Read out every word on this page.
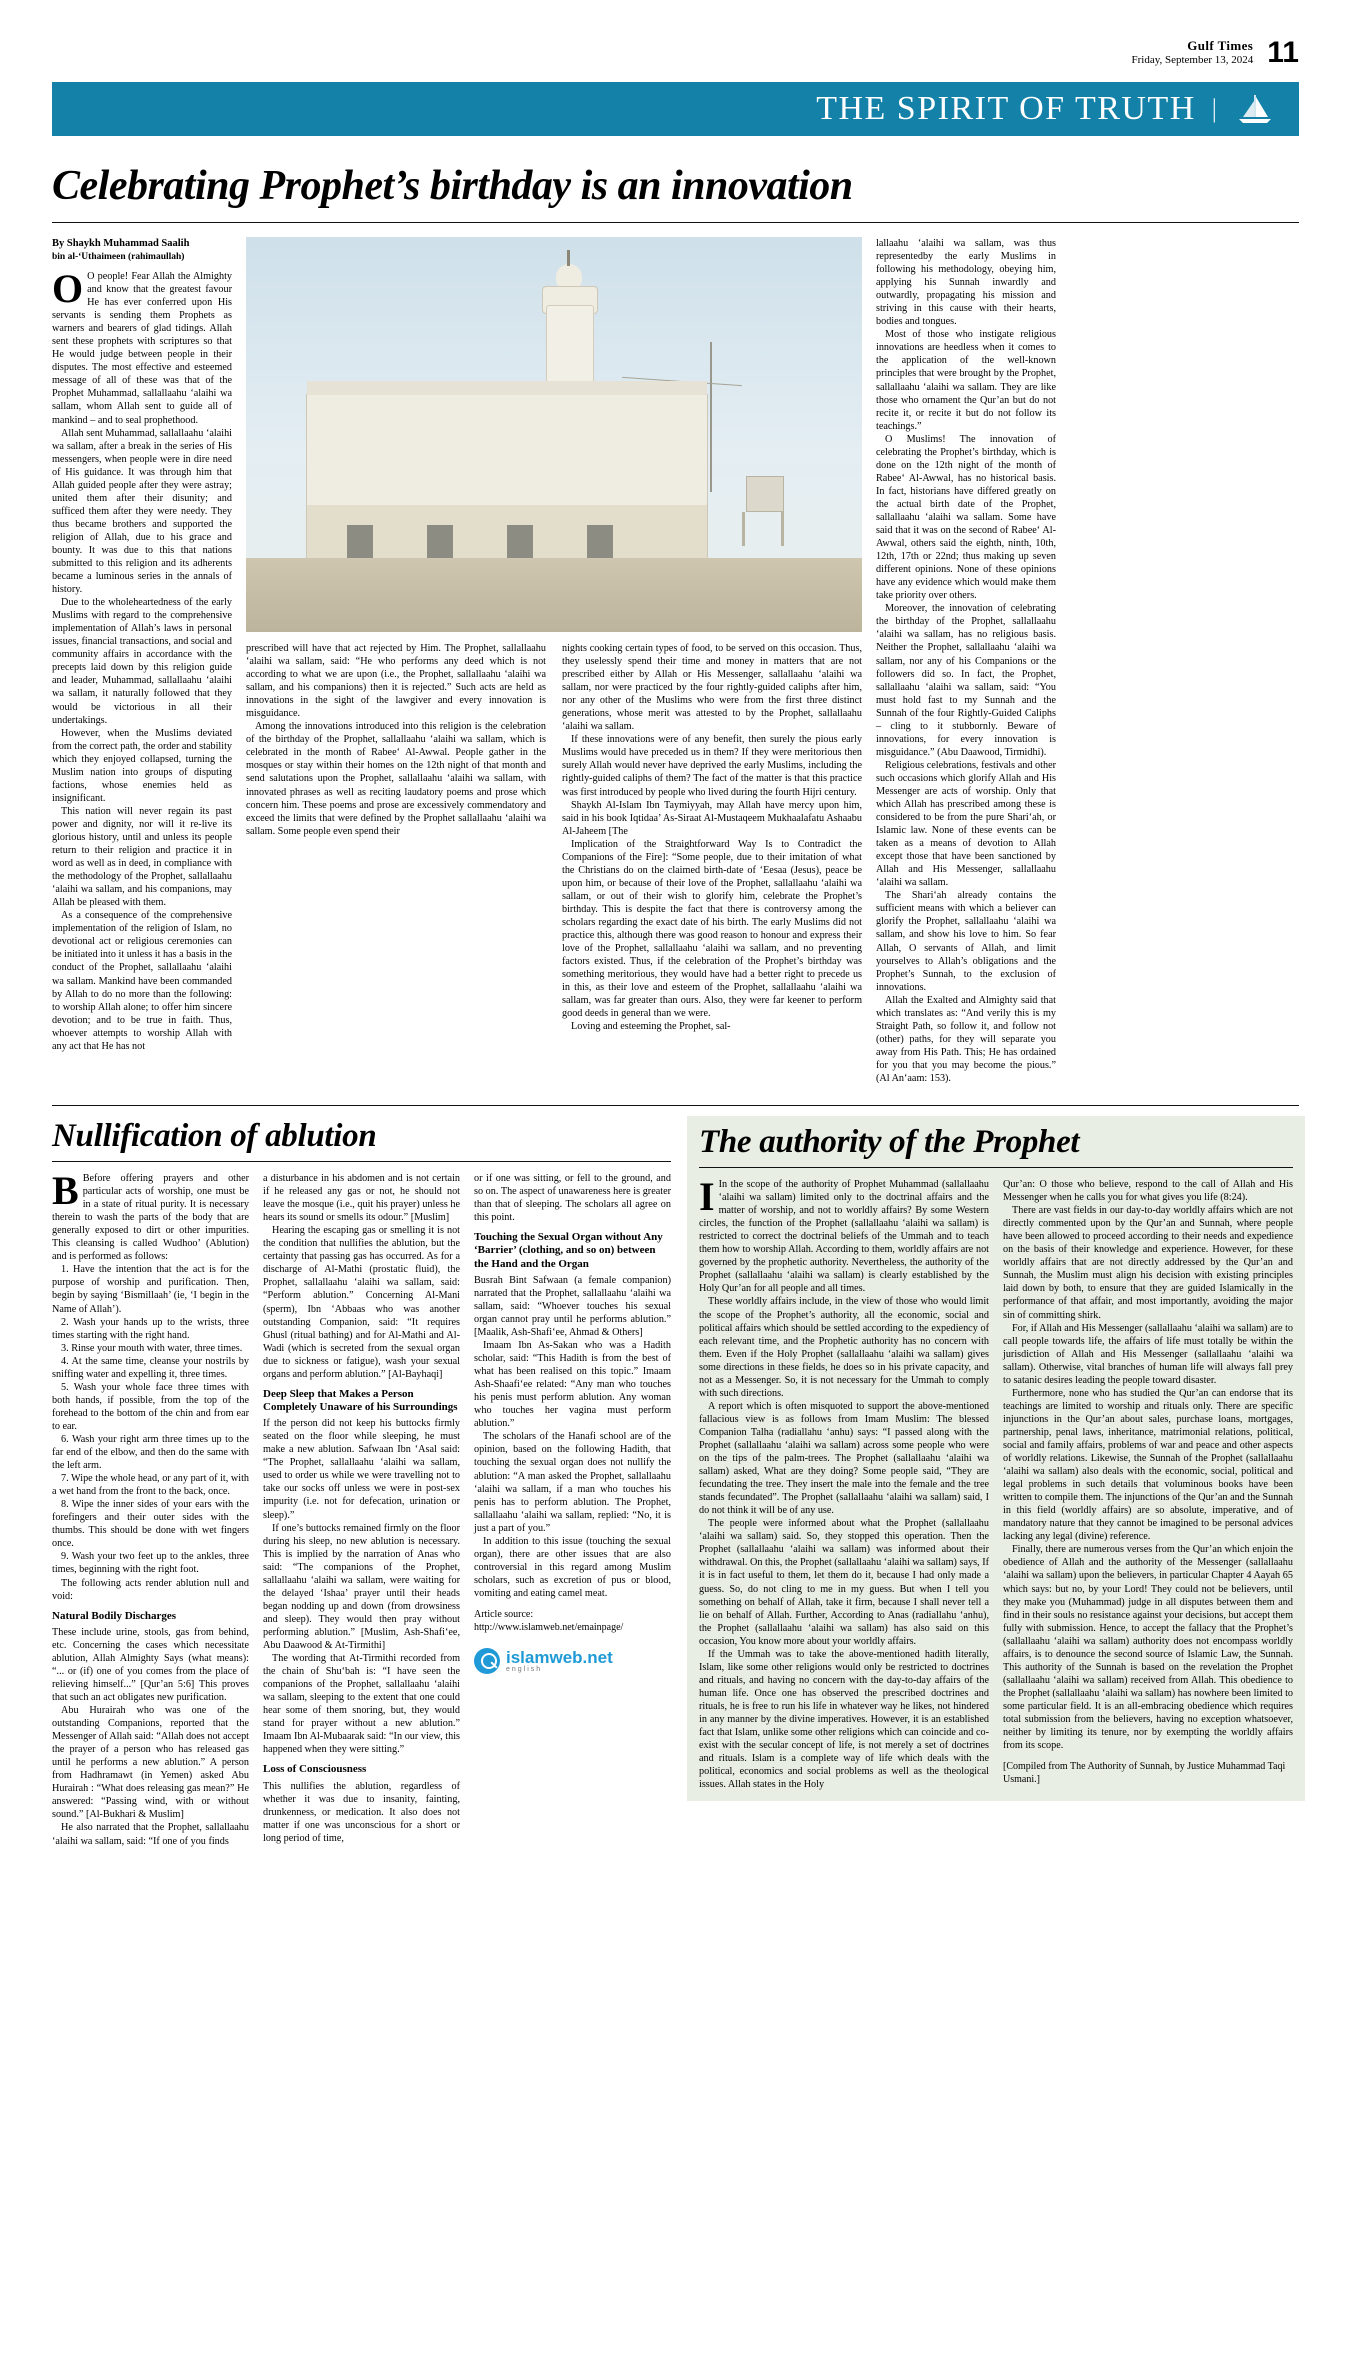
Gulf Times
Friday, September 13, 2024 11
THE SPIRIT OF TRUTH |
Celebrating Prophet’s birthday is an innovation
By Shaykh Muhammad Saalih
bin al-‘Uthaimeen (rahimaullah)

O O people! Fear Allah the Almighty and know that the greatest favour He has ever conferred upon His servants is sending them Prophets as warners and bearers of glad tidings. Allah sent these prophets with scriptures so that He would judge between people in their disputes. The most effective and esteemed message of all of these was that of the Prophet Muhammad, sallallaahu ‘alaihi wa sallam, whom Allah sent to guide all of mankind – and to seal prophethood.

Allah sent Muhammad, sallallaahu ‘alaihi wa sallam, after a break in the series of His messengers, when people were in dire need of His guidance. It was through him that Allah guided people after they were astray; united them after their disunity; and sufficed them after they were needy. They thus became brothers and supported the religion of Allah, due to his grace and bounty. It was due to this that nations submitted to this religion and its adherents became a luminous series in the annals of history.

Due to the wholeheartedness of the early Muslims with regard to the comprehensive implementation of Allah’s laws in personal issues, financial transactions, and social and community affairs in accordance with the precepts laid down by this religion guide and leader, Muhammad, sallallaahu ‘alaihi wa sallam, it naturally followed that they would be victorious in all their undertakings.

However, when the Muslims deviated from the correct path, the order and stability which they enjoyed collapsed, turning the Muslim nation into groups of disputing factions, whose enemies held as insignificant.

This nation will never regain its past power and dignity, nor will it re-live its glorious history, until and unless its people return to their religion and practice it in word as well as in deed, in compliance with the methodology of the Prophet, sallallaahu ‘alaihi wa sallam, and his companions, may Allah be pleased with them.

As a consequence of the comprehensive implementation of the religion of Islam, no devotional act or religious ceremonies can be initiated into it unless it has a basis in the conduct of the Prophet, sallallaahu ‘alaihi wa sallam. Mankind have been commanded by Allah to do no more than the following: to worship Allah alone; to offer him sincere devotion; and to be true in faith. Thus, whoever attempts to worship Allah with any act that He has not

prescribed will have that act rejected by Him. The Prophet, sallallaahu ‘alaihi wa sallam, said: “He who performs any deed which is not according to what we are upon (i.e., the Prophet, sallallaahu ‘alaihi wa sallam, and his companions) then it is rejected.” Such acts are held as innovations in the sight of the lawgiver and every innovation is misguidance.

Among the innovations introduced into this religion is the celebration of the birthday of the Prophet, sallallaahu ‘alaihi wa sallam, which is celebrated in the month of Rabee‘ Al-Awwal. People gather in the mosques or stay within their homes on the 12th night of that month and send salutations upon the Prophet, sallallaahu ‘alaihi wa sallam, with innovated phrases as well as reciting laudatory poems and prose which concern him. These poems and prose are excessively commendatory and exceed the limits that were defined by the Prophet sallallaahu ‘alaihi wa sallam. Some people even spend their

nights cooking certain types of food, to be served on this occasion. Thus, they uselessly spend their time and money in matters that are not prescribed either by Allah or His Messenger, sallallaahu ‘alaihi wa sallam, nor were practiced by the four rightly-guided caliphs after him, nor any other of the Muslims who were from the first three distinct generations, whose merit was attested to by the Prophet, sallallaahu ‘alaihi wa sallam.

If these innovations were of any benefit, then surely the pious early Muslims would have preceded us in them? If they were meritorious then surely Allah would never have deprived the early Muslims, including the rightly-guided caliphs of them? The fact of the matter is that this practice was first introduced by people who lived during the fourth Hijri century.

Shaykh Al-Islam Ibn Taymiyyah, may Allah have mercy upon him, said in his book Iqtidaa’ As-Siraat Al-Mustaqeem Mukhaalafatu Ashaabu Al-Jaheem [The

Implication of the Straightforward Way Is to Contradict the Companions of the Fire]: “Some people, due to their imitation of what the Christians do on the claimed birth-date of ‘Eesaa (Jesus), peace be upon him, or because of their love of the Prophet, sallallaahu ‘alaihi wa sallam, or out of their wish to glorify him, celebrate the Prophet’s birthday. This is despite the fact that there is controversy among the scholars regarding the exact date of his birth. The early Muslims did not practice this, although there was good reason to honour and express their love of the Prophet, sallallaahu ‘alaihi wa sallam, and no preventing factors existed. Thus, if the celebration of the Prophet’s birthday was something meritorious, they would have had a better right to precede us in this, as their love and esteem of the Prophet, sallallaahu ‘alaihi wa sallam, was far greater than ours. Also, they were far keener to perform good deeds in general than we were.

Loving and esteeming the Prophet, sal-

lallaahu ‘alaihi wa sallam, was thus representedby the early Muslims in following his methodology, obeying him, applying his Sunnah inwardly and outwardly, propagating his mission and striving in this cause with their hearts, bodies and tongues.

Most of those who instigate religious innovations are heedless when it comes to the application of the well-known principles that were brought by the Prophet, sallallaahu ‘alaihi wa sallam. They are like those who ornament the Qur’an but do not recite it, or recite it but do not follow its teachings.”

O Muslims! The innovation of celebrating the Prophet’s birthday, which is done on the 12th night of the month of Rabee‘ Al-Awwal, has no historical basis. In fact, historians have differed greatly on the actual birth date of the Prophet, sallallaahu ‘alaihi wa sallam. Some have said that it was on the second of Rabee‘ Al-Awwal, others said the eighth, ninth, 10th, 12th, 17th or 22nd; thus making up seven different opinions. None of these opinions have any evidence which would make them take priority over others.

Moreover, the innovation of celebrating the birthday of the Prophet, sallallaahu ‘alaihi wa sallam, has no religious basis. Neither the Prophet, sallallaahu ‘alaihi wa sallam, nor any of his Companions or the followers did so. In fact, the Prophet, sallallaahu ‘alaihi wa sallam, said: “You must hold fast to my Sunnah and the Sunnah of the four Rightly-Guided Caliphs – cling to it stubbornly. Beware of innovations, for every innovation is misguidance.” (Abu Daawood, Tirmidhi).

Religious celebrations, festivals and other such occasions which glorify Allah and His Messenger are acts of worship. Only that which Allah has prescribed among these is considered to be from the pure Shari‘ah, or Islamic law. None of these events can be taken as a means of devotion to Allah except those that have been sanctioned by Allah and His Messenger, sallallaahu ‘alaihi wa sallam.

The Shari‘ah already contains the sufficient means with which a believer can glorify the Prophet, sallallaahu ‘alaihi wa sallam, and show his love to him. So fear Allah, O servants of Allah, and limit yourselves to Allah’s obligations and the Prophet’s Sunnah, to the exclusion of innovations.

Allah the Exalted and Almighty said that which translates as: “And verily this is my Straight Path, so follow it, and follow not (other) paths, for they will separate you away from His Path. This; He has ordained for you that you may become the pious.” (Al An‘aam: 153).

Nullification of ablution

B Before offering prayers and other particular acts of worship, one must be in a state of ritual purity. It is necessary therein to wash the parts of the body that are generally exposed to dirt or other impurities. This cleansing is called Wudhoo’ (Ablution) and is performed as follows:

1. Have the intention that the act is for the purpose of worship and purification. Then, begin by saying ‘Bismillaah’ (ie, ‘I begin in the Name of Allah’).

2. Wash your hands up to the wrists, three times starting with the right hand.

3. Rinse your mouth with water, three times.

4. At the same time, cleanse your nostrils by sniffing water and expelling it, three times.

5. Wash your whole face three times with both hands, if possible, from the top of the forehead to the bottom of the chin and from ear to ear.

6. Wash your right arm three times up to the far end of the elbow, and then do the same with the left arm.

7. Wipe the whole head, or any part of it, with a wet hand from the front to the back, once.

8. Wipe the inner sides of your ears with the forefingers and their outer sides with the thumbs. This should be done with wet fingers once.

9. Wash your two feet up to the ankles, three times, beginning with the right foot.

The following acts render ablution null and void:

Natural Bodily Discharges

These include urine, stools, gas from behind, etc. Concerning the cases which necessitate ablution, Allah Almighty Says (what means): “... or (if) one of you comes from the place of relieving himself...” [Qur’an 5:6] This proves that such an act obligates new purification.

Abu Hurairah who was one of the outstanding Companions, reported that the Messenger of Allah said: “Allah does not accept the prayer of a person who has released gas until he performs a new ablution.” A person from Hadhramawt (in Yemen) asked Abu Hurairah : “What does releasing gas mean?” He answered: “Passing wind, with or without sound.” [Al-Bukhari & Muslim]

He also narrated that the Prophet, sallallaahu ‘alaihi wa sallam, said: “If one of you finds

a disturbance in his abdomen and is not certain if he released any gas or not, he should not leave the mosque (i.e., quit his prayer) unless he hears its sound or smells its odour.” [Muslim]

Hearing the escaping gas or smelling it is not the condition that nullifies the ablution, but the certainty that passing gas has occurred. As for a discharge of Al-Mathi (prostatic fluid), the Prophet, sallallaahu ‘alaihi wa sallam, said: “Perform ablution.” Concerning Al-Mani (sperm), Ibn ‘Abbaas who was another outstanding Companion, said: “It requires Ghusl (ritual bathing) and for Al-Mathi and Al-Wadi (which is secreted from the sexual organ due to sickness or fatigue), wash your sexual organs and perform ablution.” [Al-Bayhaqi]

Deep Sleep that Makes a Person Completely Unaware of his Surroundings

If the person did not keep his buttocks firmly seated on the floor while sleeping, he must make a new ablution. Safwaan Ibn ‘Asal said: “The Prophet, sallallaahu ‘alaihi wa sallam, used to order us while we were travelling not to take our socks off unless we were in post-sex impurity (i.e. not for defecation, urination or sleep).”

If one’s buttocks remained firmly on the floor during his sleep, no new ablution is necessary. This is implied by the narration of Anas who said: “The companions of the Prophet, sallallaahu ‘alaihi wa sallam, were waiting for the delayed ‘Ishaa’ prayer until their heads began nodding up and down (from drowsiness and sleep). They would then pray without performing ablution.” [Muslim, Ash-Shafi‘ee, Abu Daawood & At-Tirmithi]

The wording that At-Tirmithi recorded from the chain of Shu‘bah is: “I have seen the companions of the Prophet, sallallaahu ‘alaihi wa sallam, sleeping to the extent that one could hear some of them snoring, but, they would stand for prayer without a new ablution.” Imaam Ibn Al-Mubaarak said: “In our view, this happened when they were sitting.”

Loss of Consciousness

This nullifies the ablution, regardless of whether it was due to insanity, fainting, drunkenness, or medication. It also does not matter if one was unconscious for a short or long period of time,

or if one was sitting, or fell to the ground, and so on. The aspect of unawareness here is greater than that of sleeping. The scholars all agree on this point.

Touching the Sexual Organ without Any ‘Barrier’ (clothing, and so on) between the Hand and the Organ

Busrah Bint Safwaan (a female companion) narrated that the Prophet, sallallaahu ‘alaihi wa sallam, said: “Whoever touches his sexual organ cannot pray until he performs ablution.” [Maalik, Ash-Shafi‘ee, Ahmad & Others]

Imaam Ibn As-Sakan who was a Hadith scholar, said: “This Hadith is from the best of what has been realised on this topic.” Imaam Ash-Shaafi‘ee related: “Any man who touches his penis must perform ablution. Any woman who touches her vagina must perform ablution.”

The scholars of the Hanafi school are of the opinion, based on the following Hadith, that touching the sexual organ does not nullify the ablution: “A man asked the Prophet, sallallaahu ‘alaihi wa sallam, if a man who touches his penis has to perform ablution. The Prophet, sallallaahu ‘alaihi wa sallam, replied: “No, it is just a part of you.”

In addition to this issue (touching the sexual organ), there are other issues that are also controversial in this regard among Muslim scholars, such as excretion of pus or blood, vomiting and eating camel meat.

Article source: http://www.islamweb.net/emainpage/
islamweb.net
english
The authority of the Prophet

I In the scope of the authority of Prophet Muhammad (sallallaahu ‘alaihi wa sallam) limited only to the doctrinal affairs and the matter of worship, and not to worldly affairs? By some Western circles, the function of the Prophet (sallallaahu ‘alaihi wa sallam) is restricted to correct the doctrinal beliefs of the Ummah and to teach them how to worship Allah. According to them, worldly affairs are not governed by the prophetic authority. Nevertheless, the authority of the Prophet (sallallaahu ‘alaihi wa sallam) is clearly established by the Holy Qur’an for all people and all times.

These worldly affairs include, in the view of those who would limit the scope of the Prophet’s authority, all the economic, social and political affairs which should be settled according to the expediency of each relevant time, and the Prophetic authority has no concern with them. Even if the Holy Prophet (sallallaahu ‘alaihi wa sallam) gives some directions in these fields, he does so in his private capacity, and not as a Messenger. So, it is not necessary for the Ummah to comply with such directions.

A report which is often misquoted to support the above-mentioned fallacious view is as follows from Imam Muslim: The blessed Companion Talha (radiallahu ‘anhu) says: “I passed along with the Prophet (sallallaahu ‘alaihi wa sallam) across some people who were on the tips of the palm-trees. The Prophet (sallallaahu ‘alaihi wa sallam) asked, What are they doing? Some people said, “They are fecundating the tree. They insert the male into the female and the tree stands fecundated”. The Prophet (sallallaahu ‘alaihi wa sallam) said, I do not think it will be of any use.

The people were informed about what the Prophet (sallallaahu ‘alaihi wa sallam) said. So, they stopped this operation. Then the Prophet (sallallaahu ‘alaihi wa sallam) was informed about their withdrawal. On this, the Prophet (sallallaahu ‘alaihi wa sallam) says, If it is in fact useful to them, let them do it, because I had only made a guess. So, do not cling to me in my guess. But when I tell you something on behalf of Allah, take it firm, because I shall never tell a lie on behalf of Allah. Further, According to Anas (radiallahu ‘anhu), the Prophet (sallallaahu ‘alaihi wa sallam) has also said on this occasion, You know more about your worldly affairs.

If the Ummah was to take the above-mentioned hadith literally, Islam, like some other religions would only be restricted to doctrines and rituals, and having no concern with the day-to-day affairs of the human life. Once one has observed the prescribed doctrines and rituals, he is free to run his life in whatever way he likes, not hindered in any manner by the divine imperatives. However, it is an established fact that Islam, unlike some other religions which can coincide and co-exist with the secular concept of life, is not merely a set of doctrines and rituals. Islam is a complete way of life which deals with the political, economics and social problems as well as the theological issues. Allah states in the Holy

Qur’an: O those who believe, respond to the call of Allah and His Messenger when he calls you for what gives you life (8:24).

There are vast fields in our day-to-day worldly affairs which are not directly commented upon by the Qur’an and Sunnah, where people have been allowed to proceed according to their needs and expedience on the basis of their knowledge and experience. However, for these worldly affairs that are not directly addressed by the Qur’an and Sunnah, the Muslim must align his decision with existing principles laid down by both, to ensure that they are guided Islamically in the performance of that affair, and most importantly, avoiding the major sin of committing shirk.

For, if Allah and His Messenger (sallallaahu ‘alaihi wa sallam) are to call people towards life, the affairs of life must totally be within the jurisdiction of Allah and His Messenger (sallallaahu ‘alaihi wa sallam). Otherwise, vital branches of human life will always fall prey to satanic desires leading the people toward disaster.

Furthermore, none who has studied the Qur’an can endorse that its teachings are limited to worship and rituals only. There are specific injunctions in the Qur’an about sales, purchase loans, mortgages, partnership, penal laws, inheritance, matrimonial relations, political, social and family affairs, problems of war and peace and other aspects of worldly relations. Likewise, the Sunnah of the Prophet (sallallaahu ‘alaihi wa sallam) also deals with the economic, social, political and legal problems in such details that voluminous books have been written to compile them. The injunctions of the Qur’an and the Sunnah in this field (worldly affairs) are so absolute, imperative, and of mandatory nature that they cannot be imagined to be personal advices lacking any legal (divine) reference.

Finally, there are numerous verses from the Qur’an which enjoin the obedience of Allah and the authority of the Messenger (sallallaahu ‘alaihi wa sallam) upon the believers, in particular Chapter 4 Aayah 65 which says: but no, by your Lord! They could not be believers, until they make you (Muhammad) judge in all disputes between them and find in their souls no resistance against your decisions, but accept them fully with submission. Hence, to accept the fallacy that the Prophet’s (sallallaahu ‘alaihi wa sallam) authority does not encompass worldly affairs, is to denounce the second source of Islamic Law, the Sunnah. This authority of the Sunnah is based on the revelation the Prophet (sallallaahu ‘alaihi wa sallam) received from Allah. This obedience to the Prophet (sallallaahu ‘alaihi wa sallam) has nowhere been limited to some particular field. It is an all-embracing obedience which requires total submission from the believers, having no exception whatsoever, neither by limiting its tenure, nor by exempting the worldly affairs from its scope.

[Compiled from The Authority of Sunnah, by Justice Muhammad Taqi Usmani.]
